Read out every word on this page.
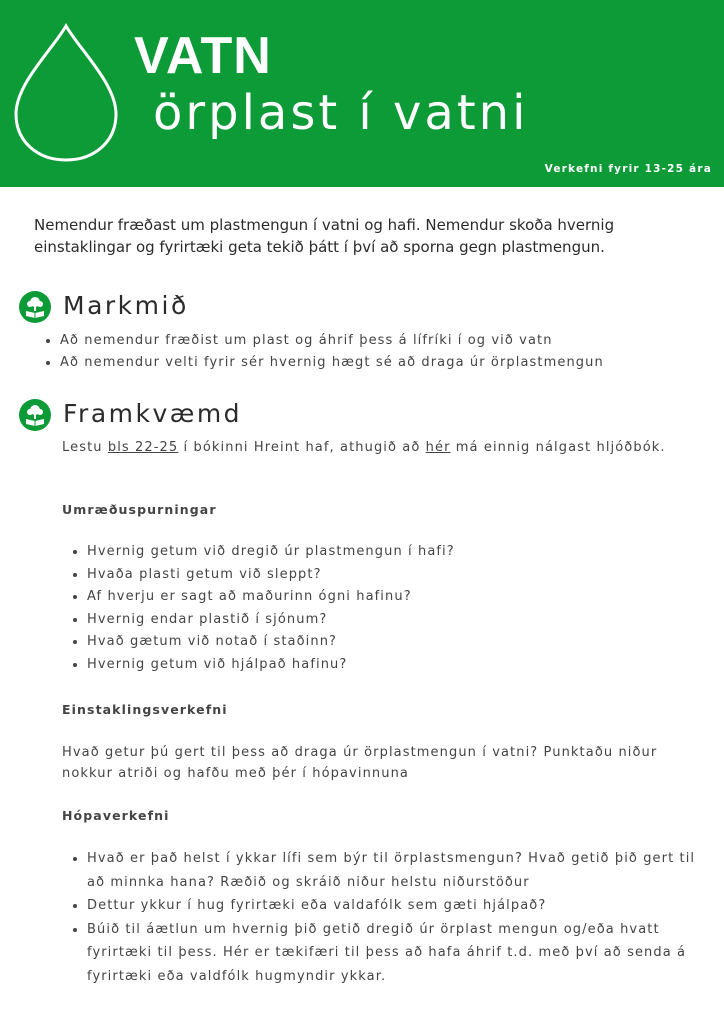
VATN
örplast í vatni
Verkefni fyrir 13-25 ára
Nemendur fræðast um plastmengun í vatni og hafi. Nemendur skoða hvernig einstaklingar og fyrirtæki geta tekið þátt í því að sporna gegn plastmengun.
Markmið
• Að nemendur fræðist um plast og áhrif þess á lífríki í og við vatn
• Að nemendur velti fyrir sér hvernig hægt sé að draga úr örplastmengun
Framkvæmd
Lestu bls 22-25 í bókinni Hreint haf, athugið að hér má einnig nálgast hljóðbók.
Umræðuspurningar
• Hvernig getum við dregið úr plastmengun í hafi?
• Hvaða plasti getum við sleppt?
• Af hverju er sagt að maðurinn ógni hafinu?
• Hvernig endar plastið í sjónum?
• Hvað gætum við notað í staðinn?
• Hvernig getum við hjálpað hafinu?
Einstaklingsverkefni
Hvað getur þú gert til þess að draga úr örplastmengun í vatni? Punktaðu niður nokkur atriði og hafðu með þér í hópavinnuna
Hópaverkefni
• Hvað er það helst í ykkar lífi sem býr til örplastsmengun? Hvað getið þið gert til að minnka hana? Ræðið og skráið niður helstu niðurstöður
• Dettur ykkur í hug fyrirtæki eða valdafólk sem gæti hjálpað?
• Búið til áætlun um hvernig þið getið dregið úr örplast mengun og/eða hvatt fyrirtæki til þess. Hér er tækifæri til þess að hafa áhrif t.d. með því að senda á fyrirtæki eða valdfólk hugmyndir ykkar.
